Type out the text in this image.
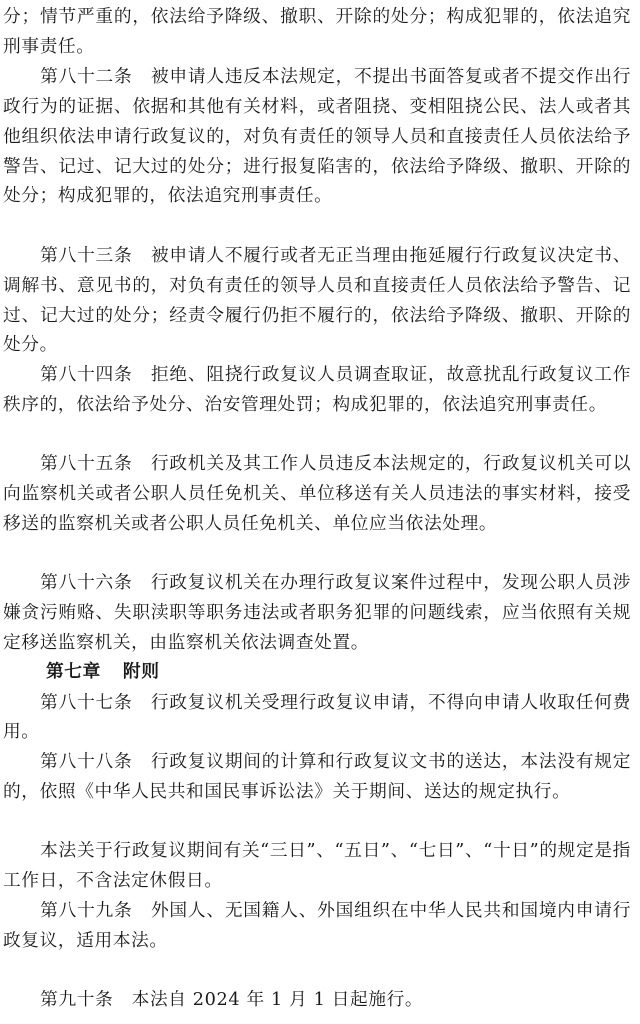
分；情节严重的，依法给予降级、撤职、开除的处分；构成犯罪的，依法追究刑事责任。

第八十二条　被申请人违反本法规定，不提出书面答复或者不提交作出行政行为的证据、依据和其他有关材料，或者阻挠、变相阻挠公民、法人或者其他组织依法申请行政复议的，对负有责任的领导人员和直接责任人员依法给予警告、记过、记大过的处分；进行报复陷害的，依法给予降级、撤职、开除的处分；构成犯罪的，依法追究刑事责任。

第八十三条　被申请人不履行或者无正当理由拖延履行行政复议决定书、调解书、意见书的，对负有责任的领导人员和直接责任人员依法给予警告、记过、记大过的处分；经责令履行仍拒不履行的，依法给予降级、撤职、开除的处分。

第八十四条　拒绝、阻挠行政复议人员调查取证，故意扰乱行政复议工作秩序的，依法给予处分、治安管理处罚；构成犯罪的，依法追究刑事责任。

第八十五条　行政机关及其工作人员违反本法规定的，行政复议机关可以向监察机关或者公职人员任免机关、单位移送有关人员违法的事实材料，接受移送的监察机关或者公职人员任免机关、单位应当依法处理。

第八十六条　行政复议机关在办理行政复议案件过程中，发现公职人员涉嫌贪污贿赂、失职渎职等职务违法或者职务犯罪的问题线索，应当依照有关规定移送监察机关，由监察机关依法调查处置。

第七章 附则

第八十七条　行政复议机关受理行政复议申请，不得向申请人收取任何费用。

第八十八条　行政复议期间的计算和行政复议文书的送达，本法没有规定的，依照《中华人民共和国民事诉讼法》关于期间、送达的规定执行。

本法关于行政复议期间有关“三日”、“五日”、“七日”、“十日”的规定是指工作日，不含法定休假日。

第八十九条　外国人、无国籍人、外国组织在中华人民共和国境内申请行政复议，适用本法。

第九十条　本法自 2024 年 1 月 1 日起施行。
